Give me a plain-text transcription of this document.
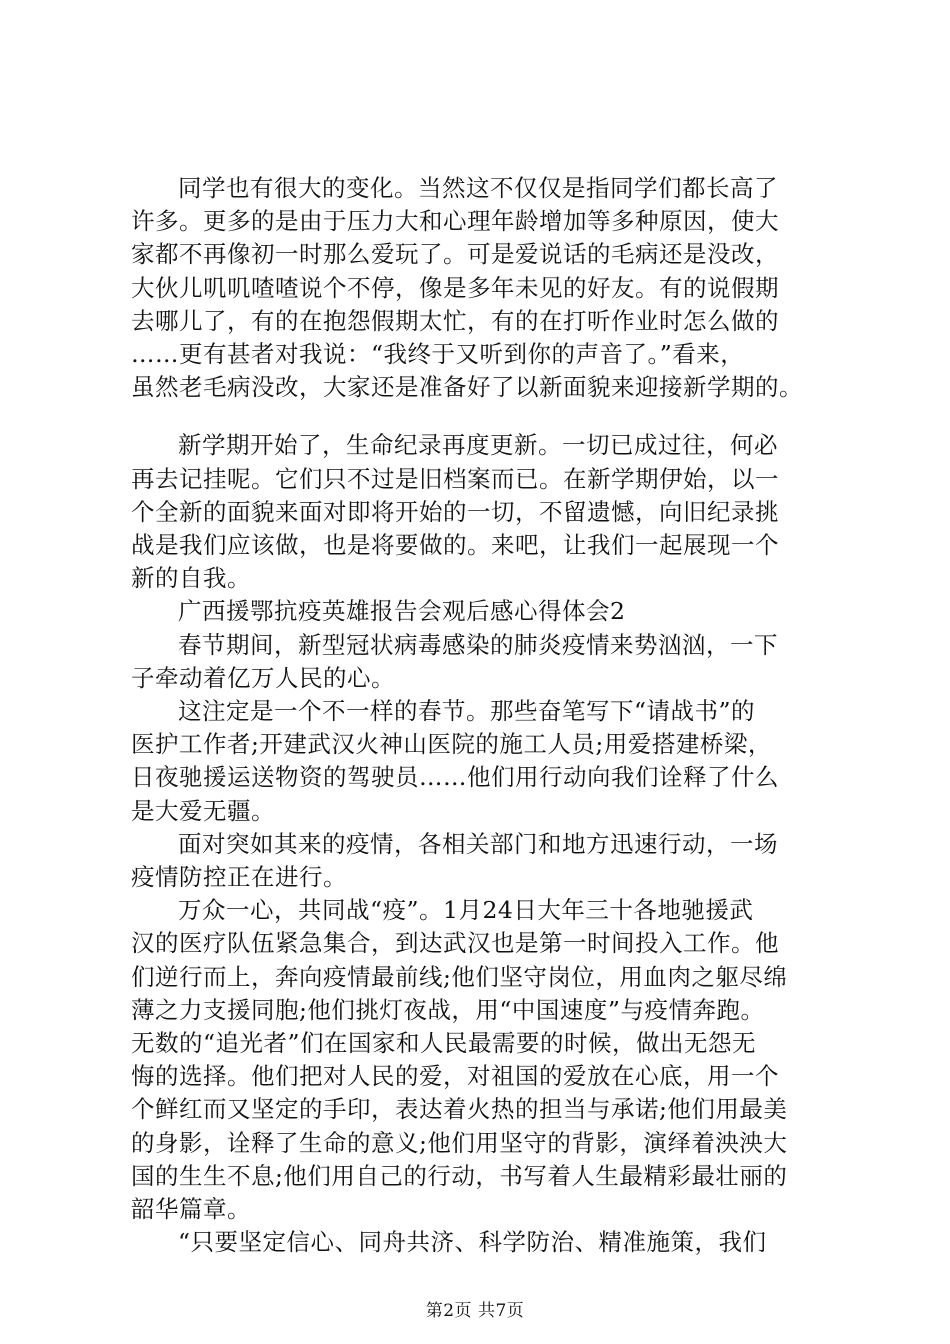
同学也有很大的变化。当然这不仅仅是指同学们都长高了
许多。更多的是由于压力大和心理年龄增加等多种原因，使大
家都不再像初一时那么爱玩了。可是爱说话的毛病还是没改，
大伙儿叽叽喳喳说个不停，像是多年未见的好友。有的说假期
去哪儿了，有的在抱怨假期太忙，有的在打听作业时怎么做的
……更有甚者对我说：“我终于又听到你的声音了。”看来，
虽然老毛病没改，大家还是准备好了以新面貌来迎接新学期的。

新学期开始了，生命纪录再度更新。一切已成过往，何必
再去记挂呢。它们只不过是旧档案而已。在新学期伊始，以一
个全新的面貌来面对即将开始的一切，不留遗憾，向旧纪录挑
战是我们应该做，也是将要做的。来吧，让我们一起展现一个
新的自我。

广西援鄂抗疫英雄报告会观后感心得体会2

春节期间，新型冠状病毒感染的肺炎疫情来势汹汹，一下
子牵动着亿万人民的心。

这注定是一个不一样的春节。那些奋笔写下“请战书”的
医护工作者;开建武汉火神山医院的施工人员;用爱搭建桥梁，
日夜驰援运送物资的驾驶员……他们用行动向我们诠释了什么
是大爱无疆。

面对突如其来的疫情，各相关部门和地方迅速行动，一场
疫情防控正在进行。

万众一心，共同战“疫”。1月24日大年三十各地驰援武
汉的医疗队伍紧急集合，到达武汉也是第一时间投入工作。他
们逆行而上，奔向疫情最前线;他们坚守岗位，用血肉之躯尽绵
薄之力支援同胞;他们挑灯夜战，用“中国速度”与疫情奔跑。
无数的“追光者”们在国家和人民最需要的时候，做出无怨无
悔的选择。他们把对人民的爱，对祖国的爱放在心底，用一个
个鲜红而又坚定的手印，表达着火热的担当与承诺;他们用最美
的身影，诠释了生命的意义;他们用坚守的背影，演绎着泱泱大
国的生生不息;他们用自己的行动，书写着人生最精彩最壮丽的
韶华篇章。

“只要坚定信心、同舟共济、科学防治、精准施策，我们

第2页 共7页
